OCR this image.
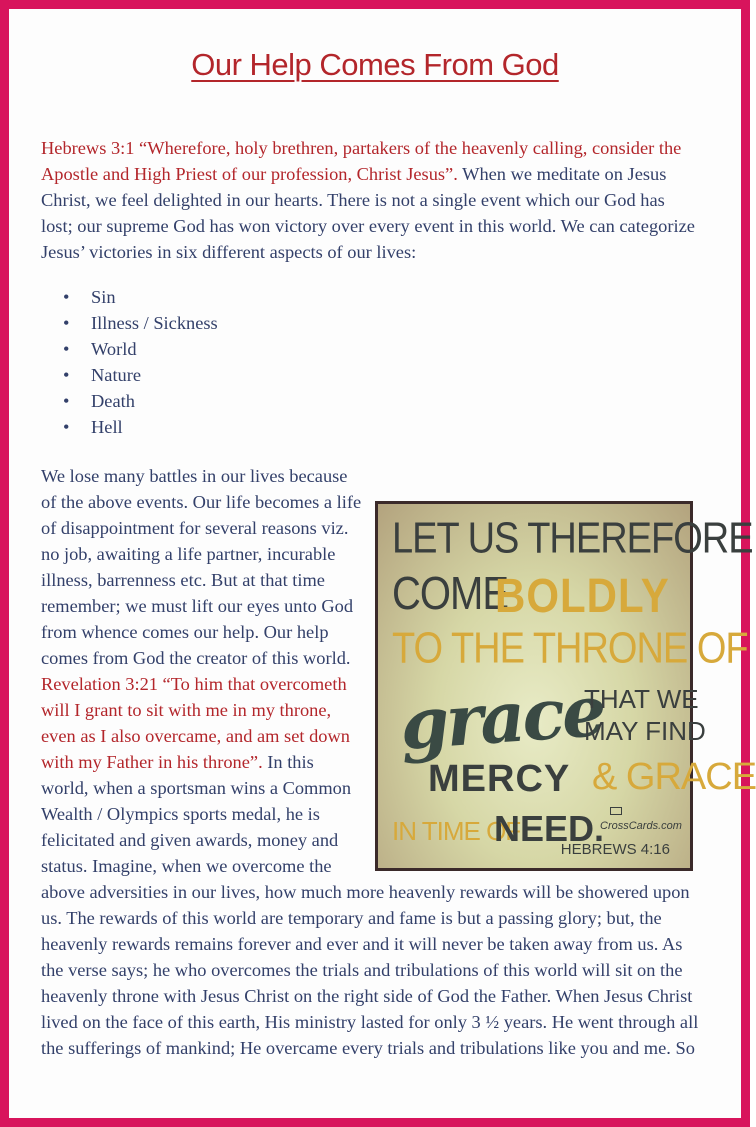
Our Help Comes From God

Hebrews 3:1 “Wherefore, holy brethren, partakers of the heavenly calling, consider the Apostle and High Priest of our profession, Christ Jesus”. When we meditate on Jesus Christ, we feel delighted in our hearts. There is not a single event which our God has lost; our supreme God has won victory over every event in this world. We can categorize Jesus’ victories in six different aspects of our lives:

• Sin
• Illness / Sickness
• World
• Nature
• Death
• Hell
We lose many battles in our lives because of the above events. Our life becomes a life of disappointment for several reasons viz. no job, awaiting a life partner, incurable illness, barrenness etc. But at that time remember; we must lift our eyes unto God from whence comes our help. Our help comes from God the creator of this world. Revelation 3:21 “To him that overcometh will I grant to sit with me in my throne, even as I also overcame, and am set down with my Father in his throne”. In this world, when a sportsman wins a Common Wealth / Olympics sports medal, he is felicitated and given awards, money and status. Imagine, when we overcome the above adversities in our lives, how much more heavenly rewards will be showered upon us. The rewards of this world are temporary and fame is but a passing glory; but, the heavenly rewards remains forever and ever and it will never be taken away from us. As the verse says; he who overcomes the trials and tribulations of this world will sit on the heavenly throne with Jesus Christ on the right side of God the Father. When Jesus Christ lived on the face of this earth, His ministry lasted for only 3 ½ years. He went through all the sufferings of mankind; He overcame every trials and tribulations like you and me. So
LET US THEREFORE
COME
BOLDLY
TO THE THRONE OF
grace
THAT WE
MAY FIND
MERCY & GRACE
IN TIME OF
NEED.
CrossCards.com
HEBREWS 4:16
